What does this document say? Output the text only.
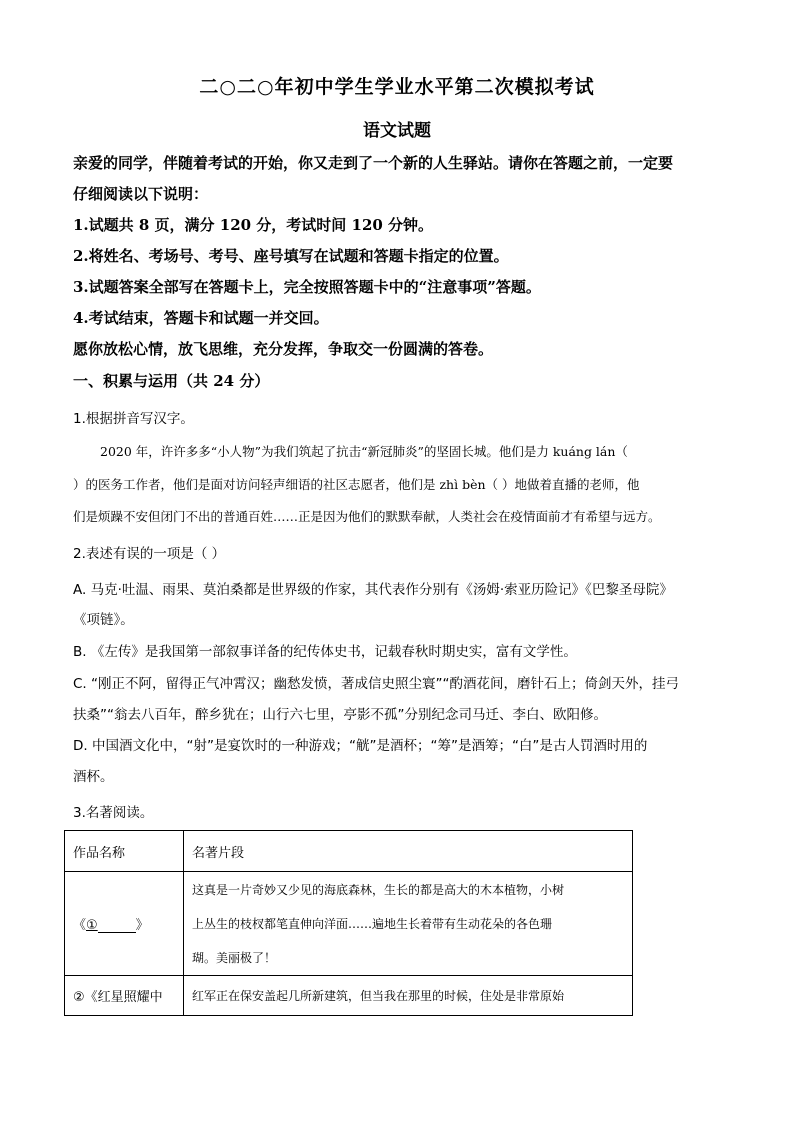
二○二○年初中学生学业水平第二次模拟考试
语文试题
亲爱的同学，伴随着考试的开始，你又走到了一个新的人生驿站。请你在答题之前，一定要
仔细阅读以下说明：
1.试题共 8 页，满分 120 分，考试时间 120 分钟。
2.将姓名、考场号、考号、座号填写在试题和答题卡指定的位置。
3.试题答案全部写在答题卡上，完全按照答题卡中的“注意事项”答题。
4.考试结束，答题卡和试题一并交回。
愿你放松心情，放飞思维，充分发挥，争取交一份圆满的答卷。
一、积累与运用（共 24 分）
1.根据拼音写汉字。
2020 年，许许多多“小人物”为我们筑起了抗击“新冠肺炎”的坚固长城。他们是力 kuáng lán（
）的医务工作者，他们是面对访问轻声细语的社区志愿者，他们是 zhì bèn（ ）地做着直播的老师，他
们是烦躁不安但闭门不出的普通百姓……正是因为他们的默默奉献，人类社会在疫情面前才有希望与远方。
2.表述有误的一项是（ ）
A. 马克·吐温、雨果、莫泊桑都是世界级的作家，其代表作分别有《汤姆·索亚历险记》《巴黎圣母院》
《项链》。
B. 《左传》是我国第一部叙事详备的纪传体史书，记载春秋时期史实，富有文学性。
C. “刚正不阿，留得正气冲霄汉；幽愁发愤，著成信史照尘寰”“酌酒花间，磨针石上；倚剑天外，挂弓
扶桑”“翁去八百年，醉乡犹在；山行六七里，亭影不孤”分别纪念司马迁、李白、欧阳修。
D. 中国酒文化中，“射”是宴饮时的一种游戏；“觥”是酒杯；“筹”是酒筹；“白”是古人罚酒时用的
酒杯。
3.名著阅读。
作品名称	名著片段
《① 》	这真是一片奇妙又少见的海底森林，生长的都是高大的木本植物，小树
上丛生的枝杈都笔直伸向洋面……遍地生长着带有生动花朵的各色珊
瑚。美丽极了！

②《红星照耀中	红军正在保安盖起几所新建筑，但当我在那里的时候，住处是非常原始
